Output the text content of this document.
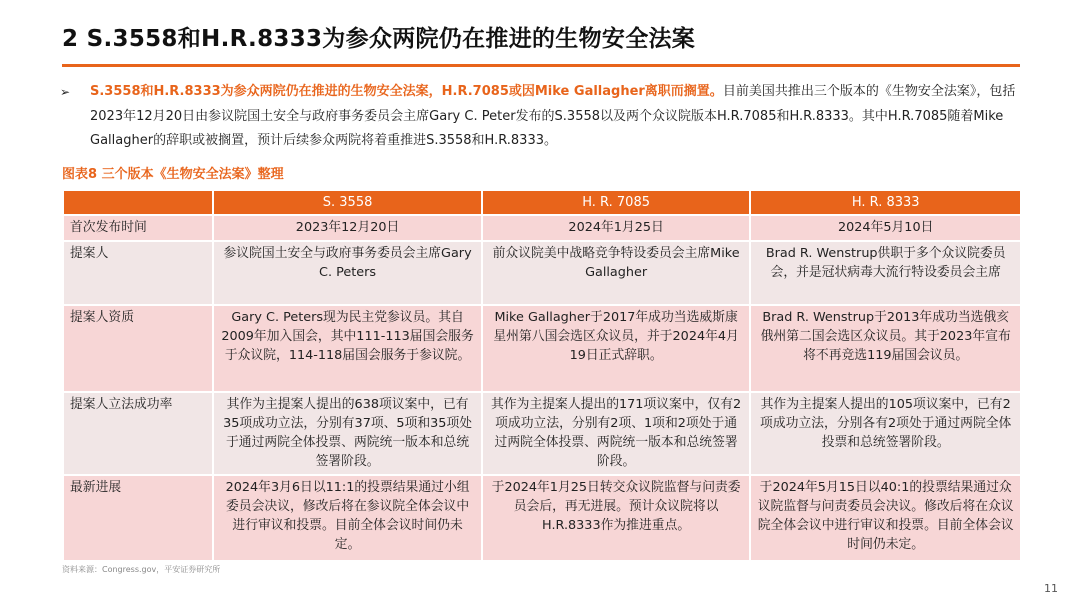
2 S.3558和H.R.8333为参众两院仍在推进的生物安全法案
➢	S.3558和H.R.8333为参众两院仍在推进的生物安全法案，H.R.7085或因Mike Gallagher离职而搁置。目前美国共推出三个版本的《生物安全法案》，包括2023年12月20日由参议院国土安全与政府事务委员会主席Gary C. Peter发布的S.3558以及两个众议院版本H.R.7085和H.R.8333。其中H.R.7085随着Mike Gallagher的辞职或被搁置，预计后续参众两院将着重推进S.3558和H.R.8333。
图表8 三个版本《生物安全法案》整理
	S. 3558	H. R. 7085	H. R. 8333
首次发布时间	2023年12月20日	2024年1月25日	2024年5月10日
提案人	参议院国土安全与政府事务委员会主席Gary C. Peters	前众议院美中战略竞争特设委员会主席Mike Gallagher	Brad R. Wenstrup供职于多个众议院委员会，并是冠状病毒大流行特设委员会主席
提案人资质	Gary C. Peters现为民主党参议员。其自2009年加入国会，其中111-113届国会服务于众议院，114-118届国会服务于参议院。	Mike Gallagher于2017年成功当选威斯康星州第八国会选区众议员，并于2024年4月19日正式辞职。	Brad R. Wenstrup于2013年成功当选俄亥俄州第二国会选区众议员。其于2023年宣布将不再竞选119届国会议员。
提案人立法成功率	其作为主提案人提出的638项议案中，已有35项成功立法，分别有37项、5项和35项处于通过两院全体投票、两院统一版本和总统签署阶段。	其作为主提案人提出的171项议案中，仅有2项成功立法，分别有2项、1项和2项处于通过两院全体投票、两院统一版本和总统签署阶段。	其作为主提案人提出的105项议案中，已有2项成功立法，分别各有2项处于通过两院全体投票和总统签署阶段。
最新进展	2024年3月6日以11:1的投票结果通过小组委员会决议，修改后将在参议院全体会议中进行审议和投票。目前全体会议时间仍未定。	于2024年1月25日转交众议院监督与问责委员会后，再无进展。预计众议院将以H.R.8333作为推进重点。	于2024年5月15日以40:1的投票结果通过众议院监督与问责委员会决议。修改后将在众议院全体会议中进行审议和投票。目前全体会议时间仍未定。
资料来源：Congress.gov，平安证券研究所
11
